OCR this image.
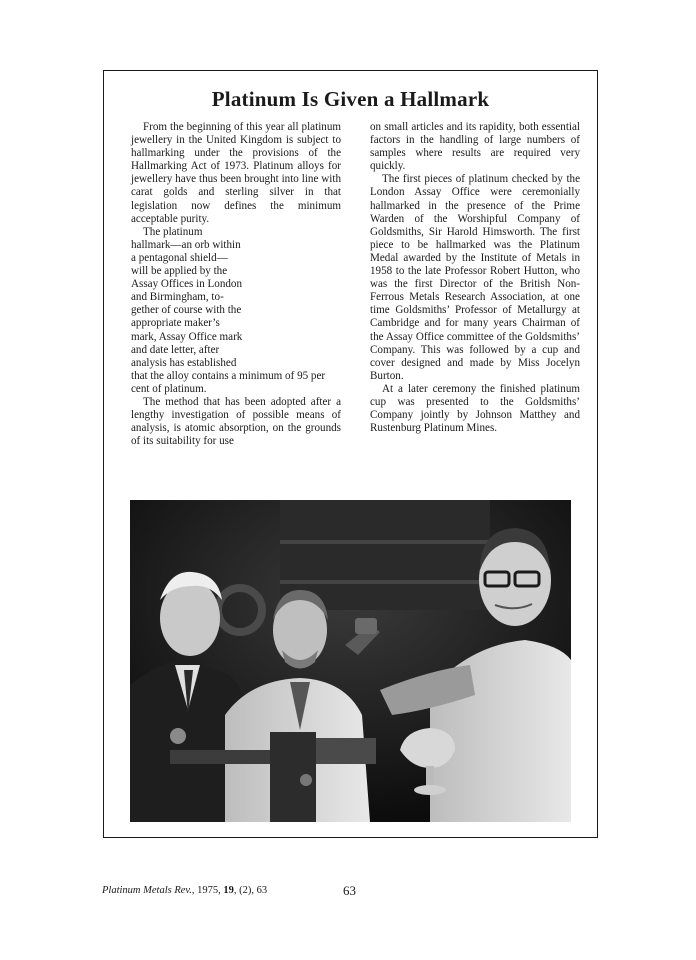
Platinum Is Given a Hallmark

From the beginning of this year all platinum jewellery in the United Kingdom is subject to hallmarking under the provisions of the Hallmarking Act of 1973. Platinum alloys for jewellery have thus been brought into line with carat golds and sterling silver in that legislation now defines the minimum acceptable purity.

The platinum hallmark—an orb within a pentagonal shield—will be applied by the Assay Offices in London and Birmingham, together of course with the appropriate maker’s mark, Assay Office mark and date letter, after analysis has established that the alloy contains a minimum of 95 per cent of platinum.

The method that has been adopted after a lengthy investigation of possible means of analysis, is atomic absorption, on the grounds of its suitability for use

on small articles and its rapidity, both essential factors in the handling of large numbers of samples where results are required very quickly.

The first pieces of platinum checked by the London Assay Office were ceremonially hallmarked in the presence of the Prime Warden of the Worshipful Company of Goldsmiths, Sir Harold Himsworth. The first piece to be hallmarked was the Platinum Medal awarded by the Institute of Metals in 1958 to the late Professor Robert Hutton, who was the first Director of the British Non-Ferrous Metals Research Association, at one time Goldsmiths’ Professor of Metallurgy at Cambridge and for many years Chairman of the Assay Office committee of the Goldsmiths’ Company. This was followed by a cup and cover designed and made by Miss Jocelyn Burton.

At a later ceremony the finished platinum cup was presented to the Goldsmiths’ Company jointly by Johnson Matthey and Rustenburg Platinum Mines.

Platinum Metals Rev., 1975, 19, (2), 63	63
